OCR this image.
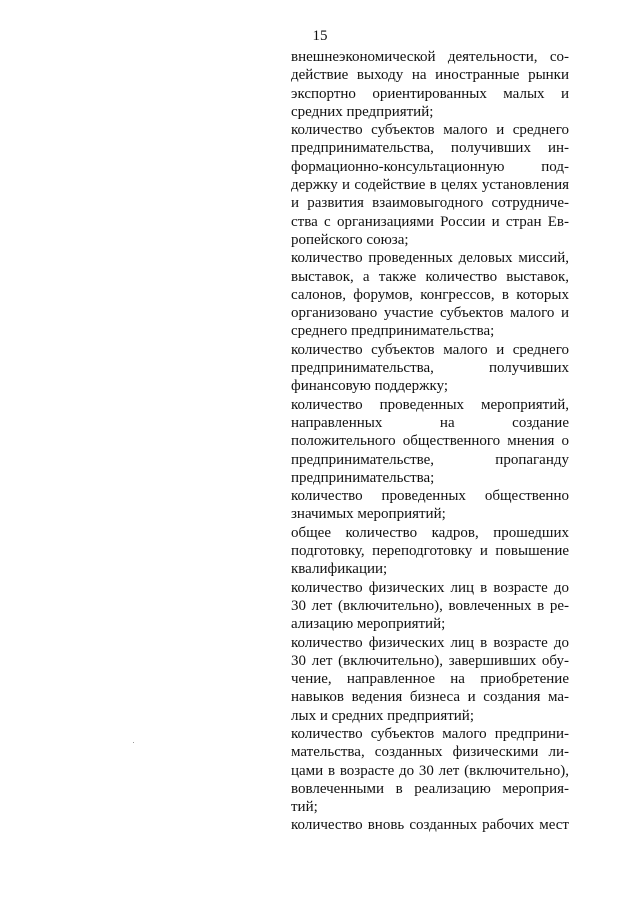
15
внешнеэкономической деятельности, со-
действие выходу на иностранные рынки
экспортно ориентированных малых и
средних предприятий;
количество субъектов малого и среднего
предпринимательства, получивших ин-
формационно-консультационную под-
держку и содействие в целях установления
и развития взаимовыгодного сотрудниче-
ства с организациями России и стран Ев-
ропейского союза;
количество проведенных деловых миссий,
выставок, а также количество выставок,
салонов, форумов, конгрессов, в которых
организовано участие субъектов малого и
среднего предпринимательства;
количество субъектов малого и среднего
предпринимательства, получивших
финансовую поддержку;
количество проведенных мероприятий,
направленных на создание
положительного общественного мнения о
предпринимательстве, пропаганду
предпринимательства;
количество проведенных общественно
значимых мероприятий;
общее количество кадров, прошедших
подготовку, переподготовку и повышение
квалификации;
количество физических лиц в возрасте до
30 лет (включительно), вовлеченных в ре-
ализацию мероприятий;
количество физических лиц в возрасте до
30 лет (включительно), завершивших обу-
чение, направленное на приобретение
навыков ведения бизнеса и создания ма-
лых и средних предприятий;
количество субъектов малого предприни-
мательства, созданных физическими ли-
цами в возрасте до 30 лет (включительно),
вовлеченными в реализацию мероприя-
тий;
количество вновь созданных рабочих мест
